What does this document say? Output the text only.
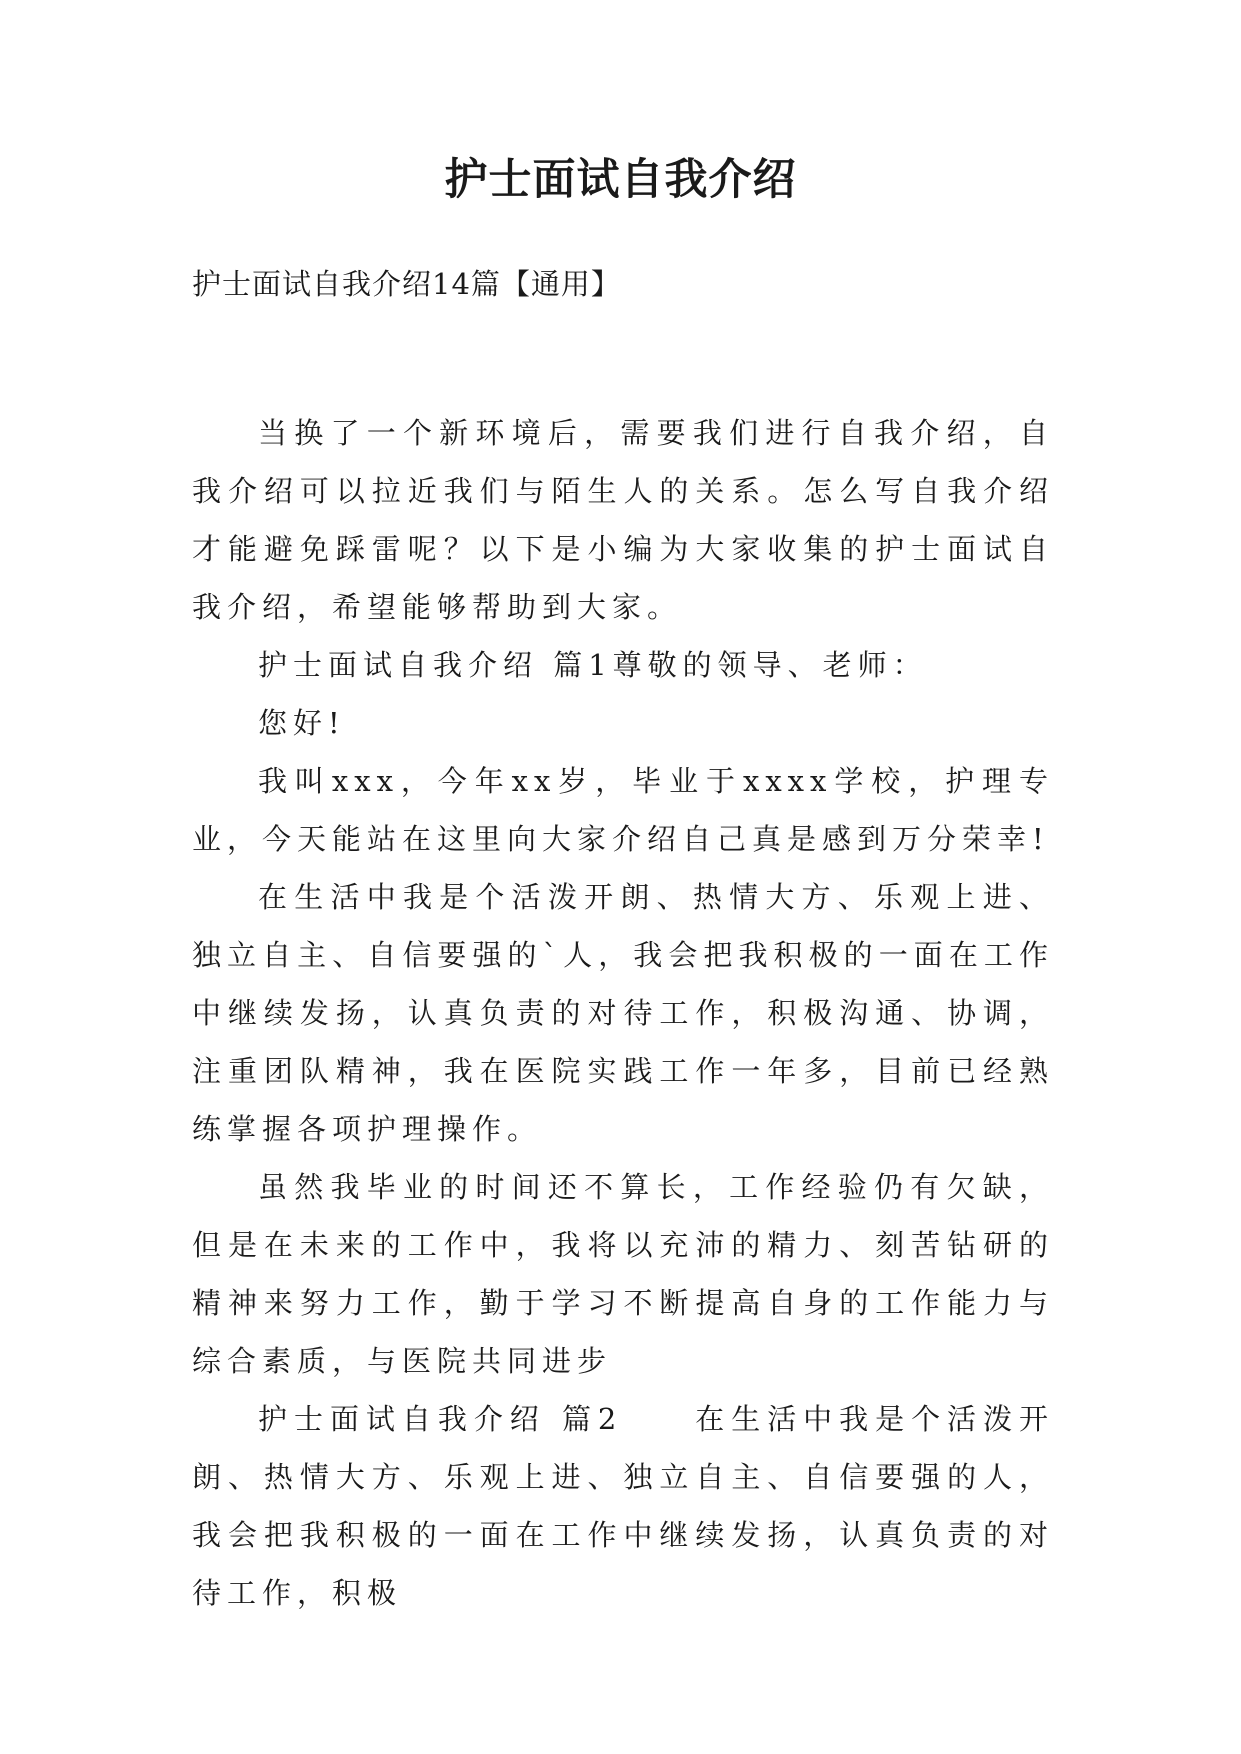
护士面试自我介绍

护士面试自我介绍14篇【通用】

当换了一个新环境后，需要我们进行自我介绍，自我介绍可以拉近我们与陌生人的关系。怎么写自我介绍才能避免踩雷呢？以下是小编为大家收集的护士面试自我介绍，希望能够帮助到大家。

护士面试自我介绍 篇1尊敬的领导、老师：

您好!

我叫xxx，今年xx岁，毕业于xxxx学校，护理专业，今天能站在这里向大家介绍自己真是感到万分荣幸!

在生活中我是个活泼开朗、热情大方、乐观上进、独立自主、自信要强的`人，我会把我积极的一面在工作中继续发扬，认真负责的对待工作，积极沟通、协调，注重团队精神，我在医院实践工作一年多，目前已经熟练掌握各项护理操作。

虽然我毕业的时间还不算长，工作经验仍有欠缺，但是在未来的工作中，我将以充沛的精力、刻苦钻研的精神来努力工作，勤于学习不断提高自身的工作能力与综合素质，与医院共同进步

护士面试自我介绍 篇2　　在生活中我是个活泼开朗、热情大方、乐观上进、独立自主、自信要强的人，我会把我积极的一面在工作中继续发扬，认真负责的对待工作，积极
